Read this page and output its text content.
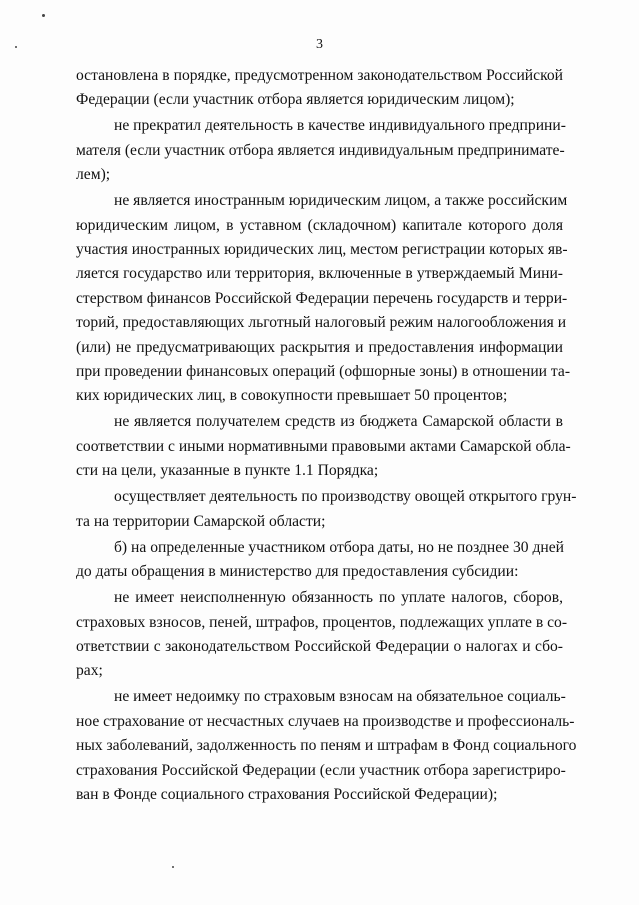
3
остановлена в порядке, предусмотренном законодательством Российской
Федерации (если участник отбора является юридическим лицом);
не прекратил деятельность в качестве индивидуального предприни-
мателя (если участник отбора является индивидуальным предпринимате-
лем);
не является иностранным юридическим лицом, а также российским
юридическим лицом, в уставном (складочном) капитале которого доля
участия иностранных юридических лиц, местом регистрации которых яв-
ляется государство или территория, включенные в утверждаемый Мини-
стерством финансов Российской Федерации перечень государств и терри-
торий, предоставляющих льготный налоговый режим налогообложения и
(или) не предусматривающих раскрытия и предоставления информации
при проведении финансовых операций (офшорные зоны) в отношении та-
ких юридических лиц, в совокупности превышает 50 процентов;
не является получателем средств из бюджета Самарской области в
соответствии с иными нормативными правовыми актами Самарской обла-
сти на цели, указанные в пункте 1.1 Порядка;
осуществляет деятельность по производству овощей открытого грун-
та на территории Самарской области;
б) на определенные участником отбора даты, но не позднее 30 дней
до даты обращения в министерство для предоставления субсидии:
не имеет неисполненную обязанность по уплате налогов, сборов,
страховых взносов, пеней, штрафов, процентов, подлежащих уплате в со-
ответствии с законодательством Российской Федерации о налогах и сбо-
рах;
не имеет недоимку по страховым взносам на обязательное социаль-
ное страхование от несчастных случаев на производстве и профессиональ-
ных заболеваний, задолженность по пеням и штрафам в Фонд социального
страхования Российской Федерации (если участник отбора зарегистриро-
ван в Фонде социального страхования Российской Федерации);
